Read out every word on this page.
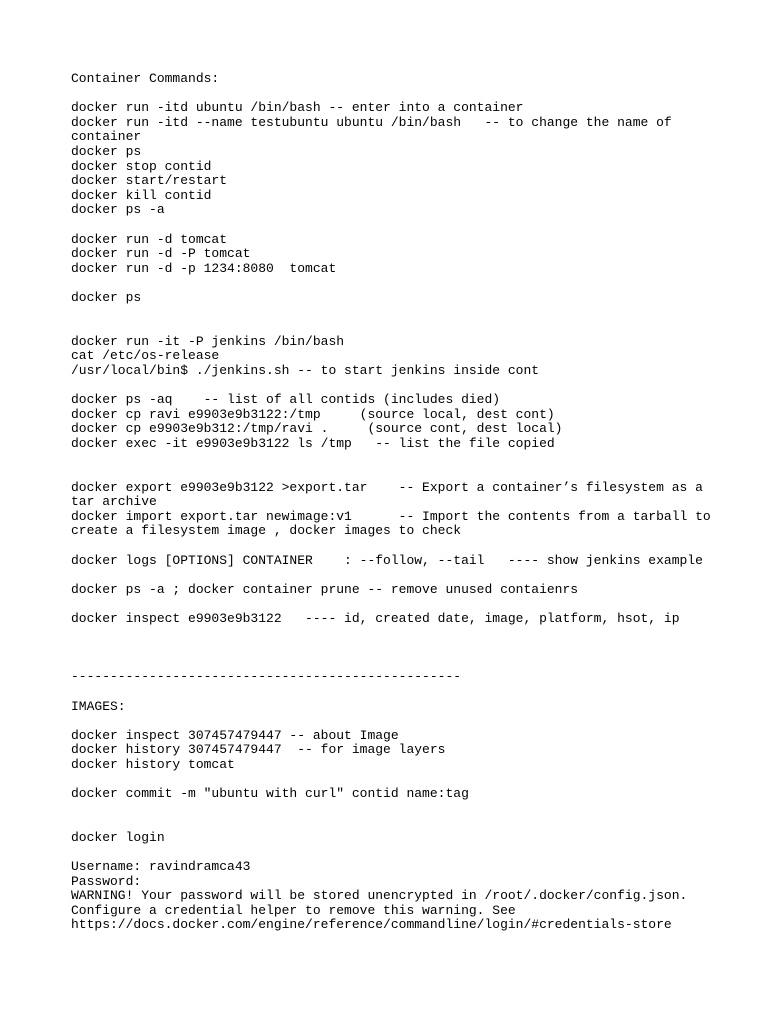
Container Commands:
docker run -itd ubuntu /bin/bash -- enter into a container
docker run -itd --name testubuntu ubuntu /bin/bash   -- to change the name of
container
docker ps
docker stop contid
docker start/restart
docker kill contid
docker ps -a
docker run -d tomcat
docker run -d -P tomcat
docker run -d -p 1234:8080  tomcat
docker ps
docker run -it -P jenkins /bin/bash
cat /etc/os-release
/usr/local/bin$ ./jenkins.sh -- to start jenkins inside cont
docker ps -aq    -- list of all contids (includes died)
docker cp ravi e9903e9b3122:/tmp     (source local, dest cont)
docker cp e9903e9b312:/tmp/ravi .     (source cont, dest local)
docker exec -it e9903e9b3122 ls /tmp   -- list the file copied
docker export e9903e9b3122 >export.tar    -- Export a container’s filesystem as a
tar archive
docker import export.tar newimage:v1      -- Import the contents from a tarball to
create a filesystem image , docker images to check
docker logs [OPTIONS] CONTAINER    : --follow, --tail   ---- show jenkins example
docker ps -a ; docker container prune -- remove unused contaienrs
docker inspect e9903e9b3122   ---- id, created date, image, platform, hsot, ip
--------------------------------------------------
IMAGES:
docker inspect 307457479447 -- about Image
docker history 307457479447  -- for image layers
docker history tomcat
docker commit -m "ubuntu with curl" contid name:tag
docker login
Username: ravindramca43
Password:
WARNING! Your password will be stored unencrypted in /root/.docker/config.json.
Configure a credential helper to remove this warning. See
https://docs.docker.com/engine/reference/commandline/login/#credentials-store
